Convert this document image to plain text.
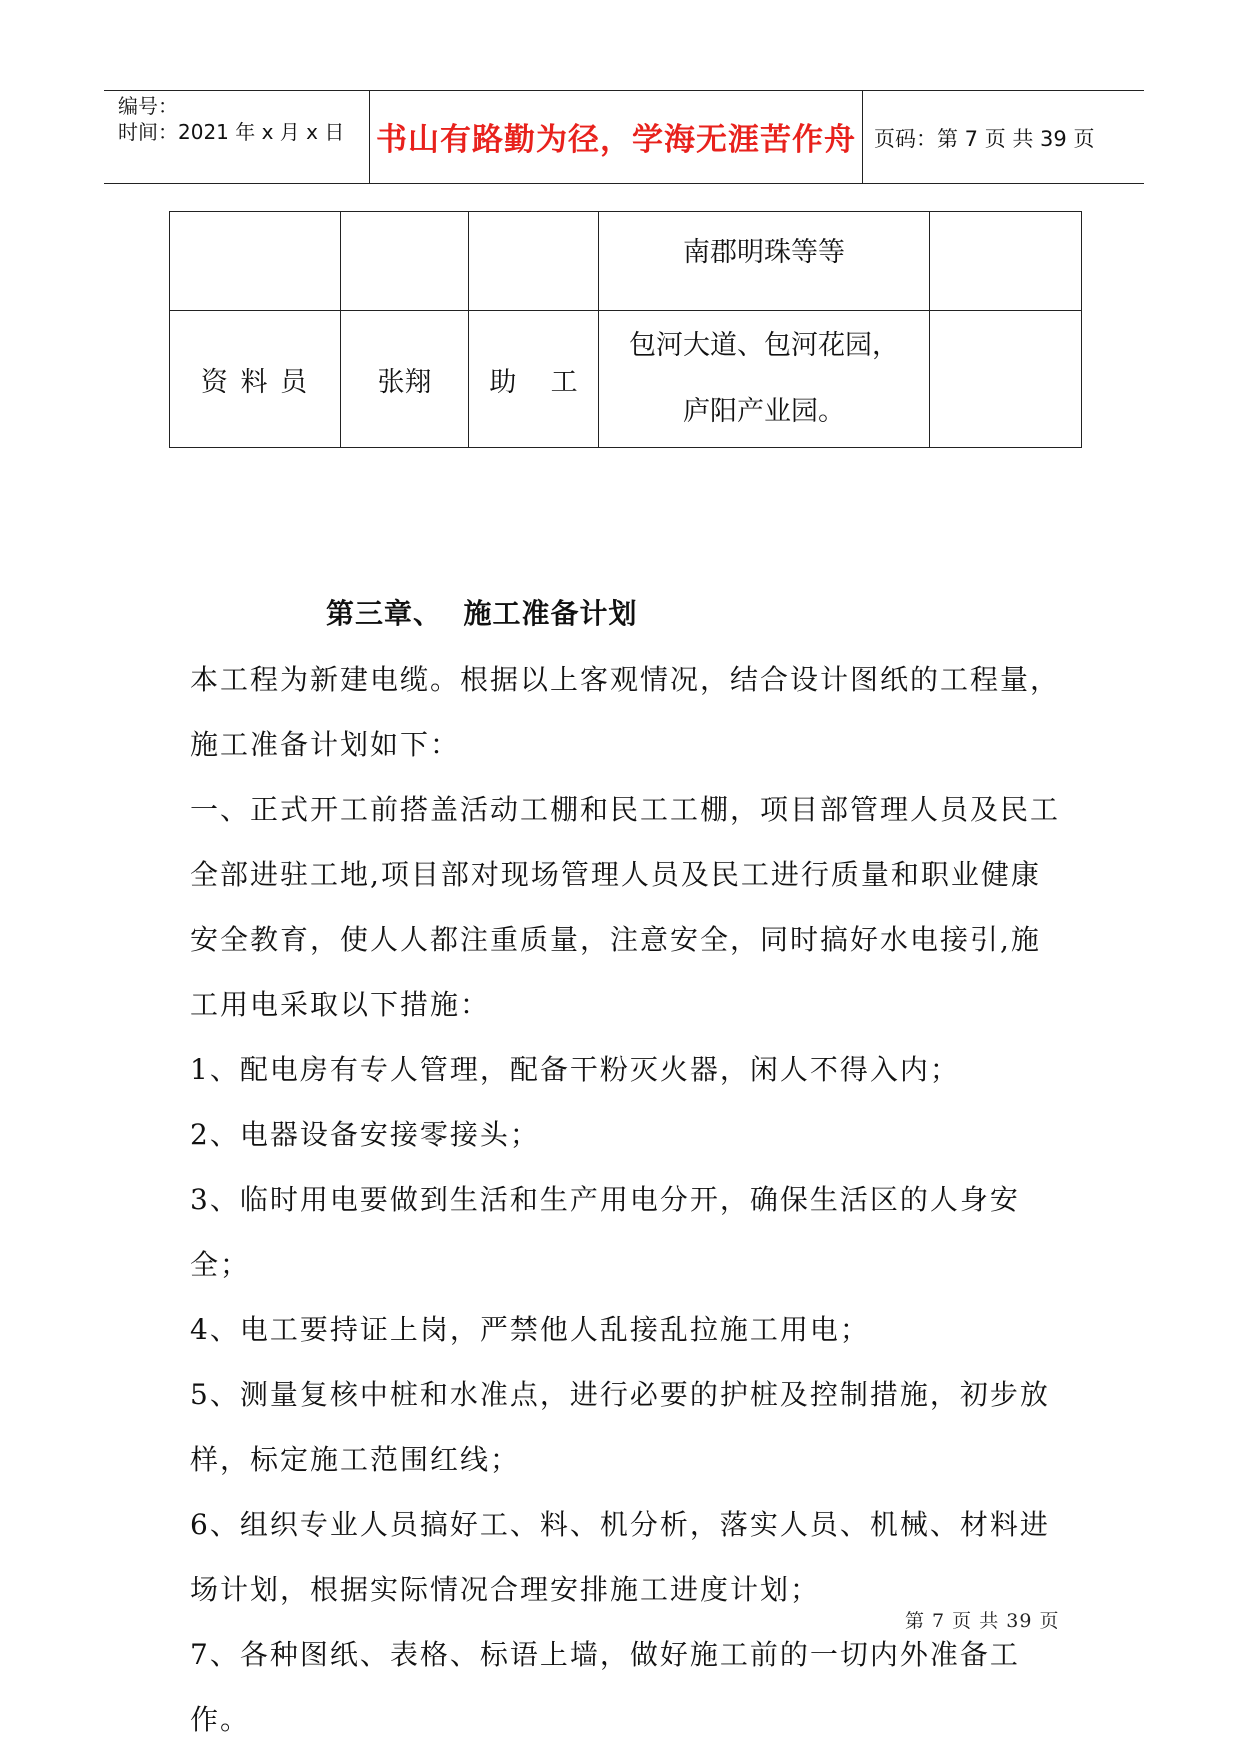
编号：
时间：2021 年 x 月 x 日 书山有路勤为径，学海无涯苦作舟 页码：第 7 页 共 39 页
			南郡明珠等等	
资 料 员	张翔	助    工	包河大道、包河花园，
庐阳产业园。	

第三章、  施工准备计划

本工程为新建电缆。根据以上客观情况，结合设计图纸的工程量，施工准备计划如下：

一、正式开工前搭盖活动工棚和民工工棚，项目部管理人员及民工全部进驻工地,项目部对现场管理人员及民工进行质量和职业健康安全教育，使人人都注重质量，注意安全，同时搞好水电接引,施工用电采取以下措施：

1、配电房有专人管理，配备干粉灭火器，闲人不得入内；

2、电器设备安接零接头；

3、临时用电要做到生活和生产用电分开，确保生活区的人身安全；

4、电工要持证上岗，严禁他人乱接乱拉施工用电；

5、测量复核中桩和水准点，进行必要的护桩及控制措施，初步放样，标定施工范围红线；

6、组织专业人员搞好工、料、机分析，落实人员、机械、材料进场计划，根据实际情况合理安排施工进度计划；

7、各种图纸、表格、标语上墙，做好施工前的一切内外准备工作。

第 7 页 共 39 页
